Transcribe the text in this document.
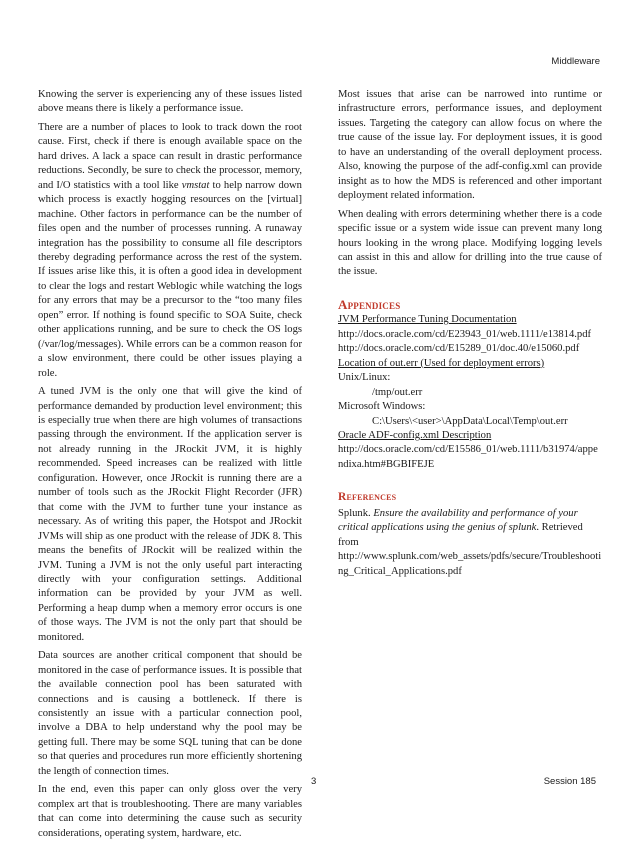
Middleware

Knowing the server is experiencing any of these issues listed above means there is likely a performance issue.

There are a number of places to look to track down the root cause. First, check if there is enough available space on the hard drives. A lack a space can result in drastic performance reductions. Secondly, be sure to check the processor, memory, and I/O statistics with a tool like vmstat to help narrow down which process is exactly hogging resources on the [virtual] machine. Other factors in performance can be the number of files open and the number of processes running. A runaway integration has the possibility to consume all file descriptors thereby degrading performance across the rest of the system. If issues arise like this, it is often a good idea in development to clear the logs and restart Weblogic while watching the logs for any errors that may be a precursor to the “too many files open” error. If nothing is found specific to SOA Suite, check other applications running, and be sure to check the OS logs (/var/log/messages). While errors can be a common reason for a slow environment, there could be other issues playing a role.

A tuned JVM is the only one that will give the kind of performance demanded by production level environment; this is especially true when there are high volumes of transactions passing through the environment. If the application server is not already running in the JRockit JVM, it is highly recommended. Speed increases can be realized with little configuration. However, once JRockit is running there are a number of tools such as the JRockit Flight Recorder (JFR) that come with the JVM to further tune your instance as necessary. As of writing this paper, the Hotspot and JRockit JVMs will ship as one product with the release of JDK 8. This means the benefits of JRockit will be realized within the JVM. Tuning a JVM is not the only useful part interacting directly with your configuration settings. Additional information can be provided by your JVM as well. Performing a heap dump when a memory error occurs is one of those ways. The JVM is not the only part that should be monitored.

Data sources are another critical component that should be monitored in the case of performance issues. It is possible that the available connection pool has been saturated with connections and is causing a bottleneck. If there is consistently an issue with a particular connection pool, involve a DBA to help understand why the pool may be getting full. There may be some SQL tuning that can be done so that queries and procedures run more efficiently shortening the length of connection times.

In the end, even this paper can only gloss over the very complex art that is troubleshooting. There are many variables that can come into determining the cause such as security considerations, operating system, hardware, etc.

Most issues that arise can be narrowed into runtime or infrastructure errors, performance issues, and deployment issues. Targeting the category can allow focus on where the true cause of the issue lay. For deployment issues, it is good to have an understanding of the overall deployment process. Also, knowing the purpose of the adf-config.xml can provide insight as to how the MDS is referenced and other important deployment related information.

When dealing with errors determining whether there is a code specific issue or a system wide issue can prevent many long hours looking in the wrong place. Modifying logging levels can assist in this and allow for drilling into the true cause of the issue.

Appendices
JVM Performance Tuning Documentation
http://docs.oracle.com/cd/E23943_01/web.1111/e13814.pdf
http://docs.oracle.com/cd/E15289_01/doc.40/e15060.pdf
Location of out.err (Used for deployment errors)
Unix/Linux:
/tmp/out.err
Microsoft Windows:
C:\Users\<user>\AppData\Local\Temp\out.err
Oracle ADF-config.xml Description
http://docs.oracle.com/cd/E15586_01/web.1111/b31974/appendixa.htm#BGBIFEJE
References
Splunk. Ensure the availability and performance of your critical applications using the genius of splunk. Retrieved from
http://www.splunk.com/web_assets/pdfs/secure/Troubleshooting_Critical_Applications.pdf
3	Session 185
